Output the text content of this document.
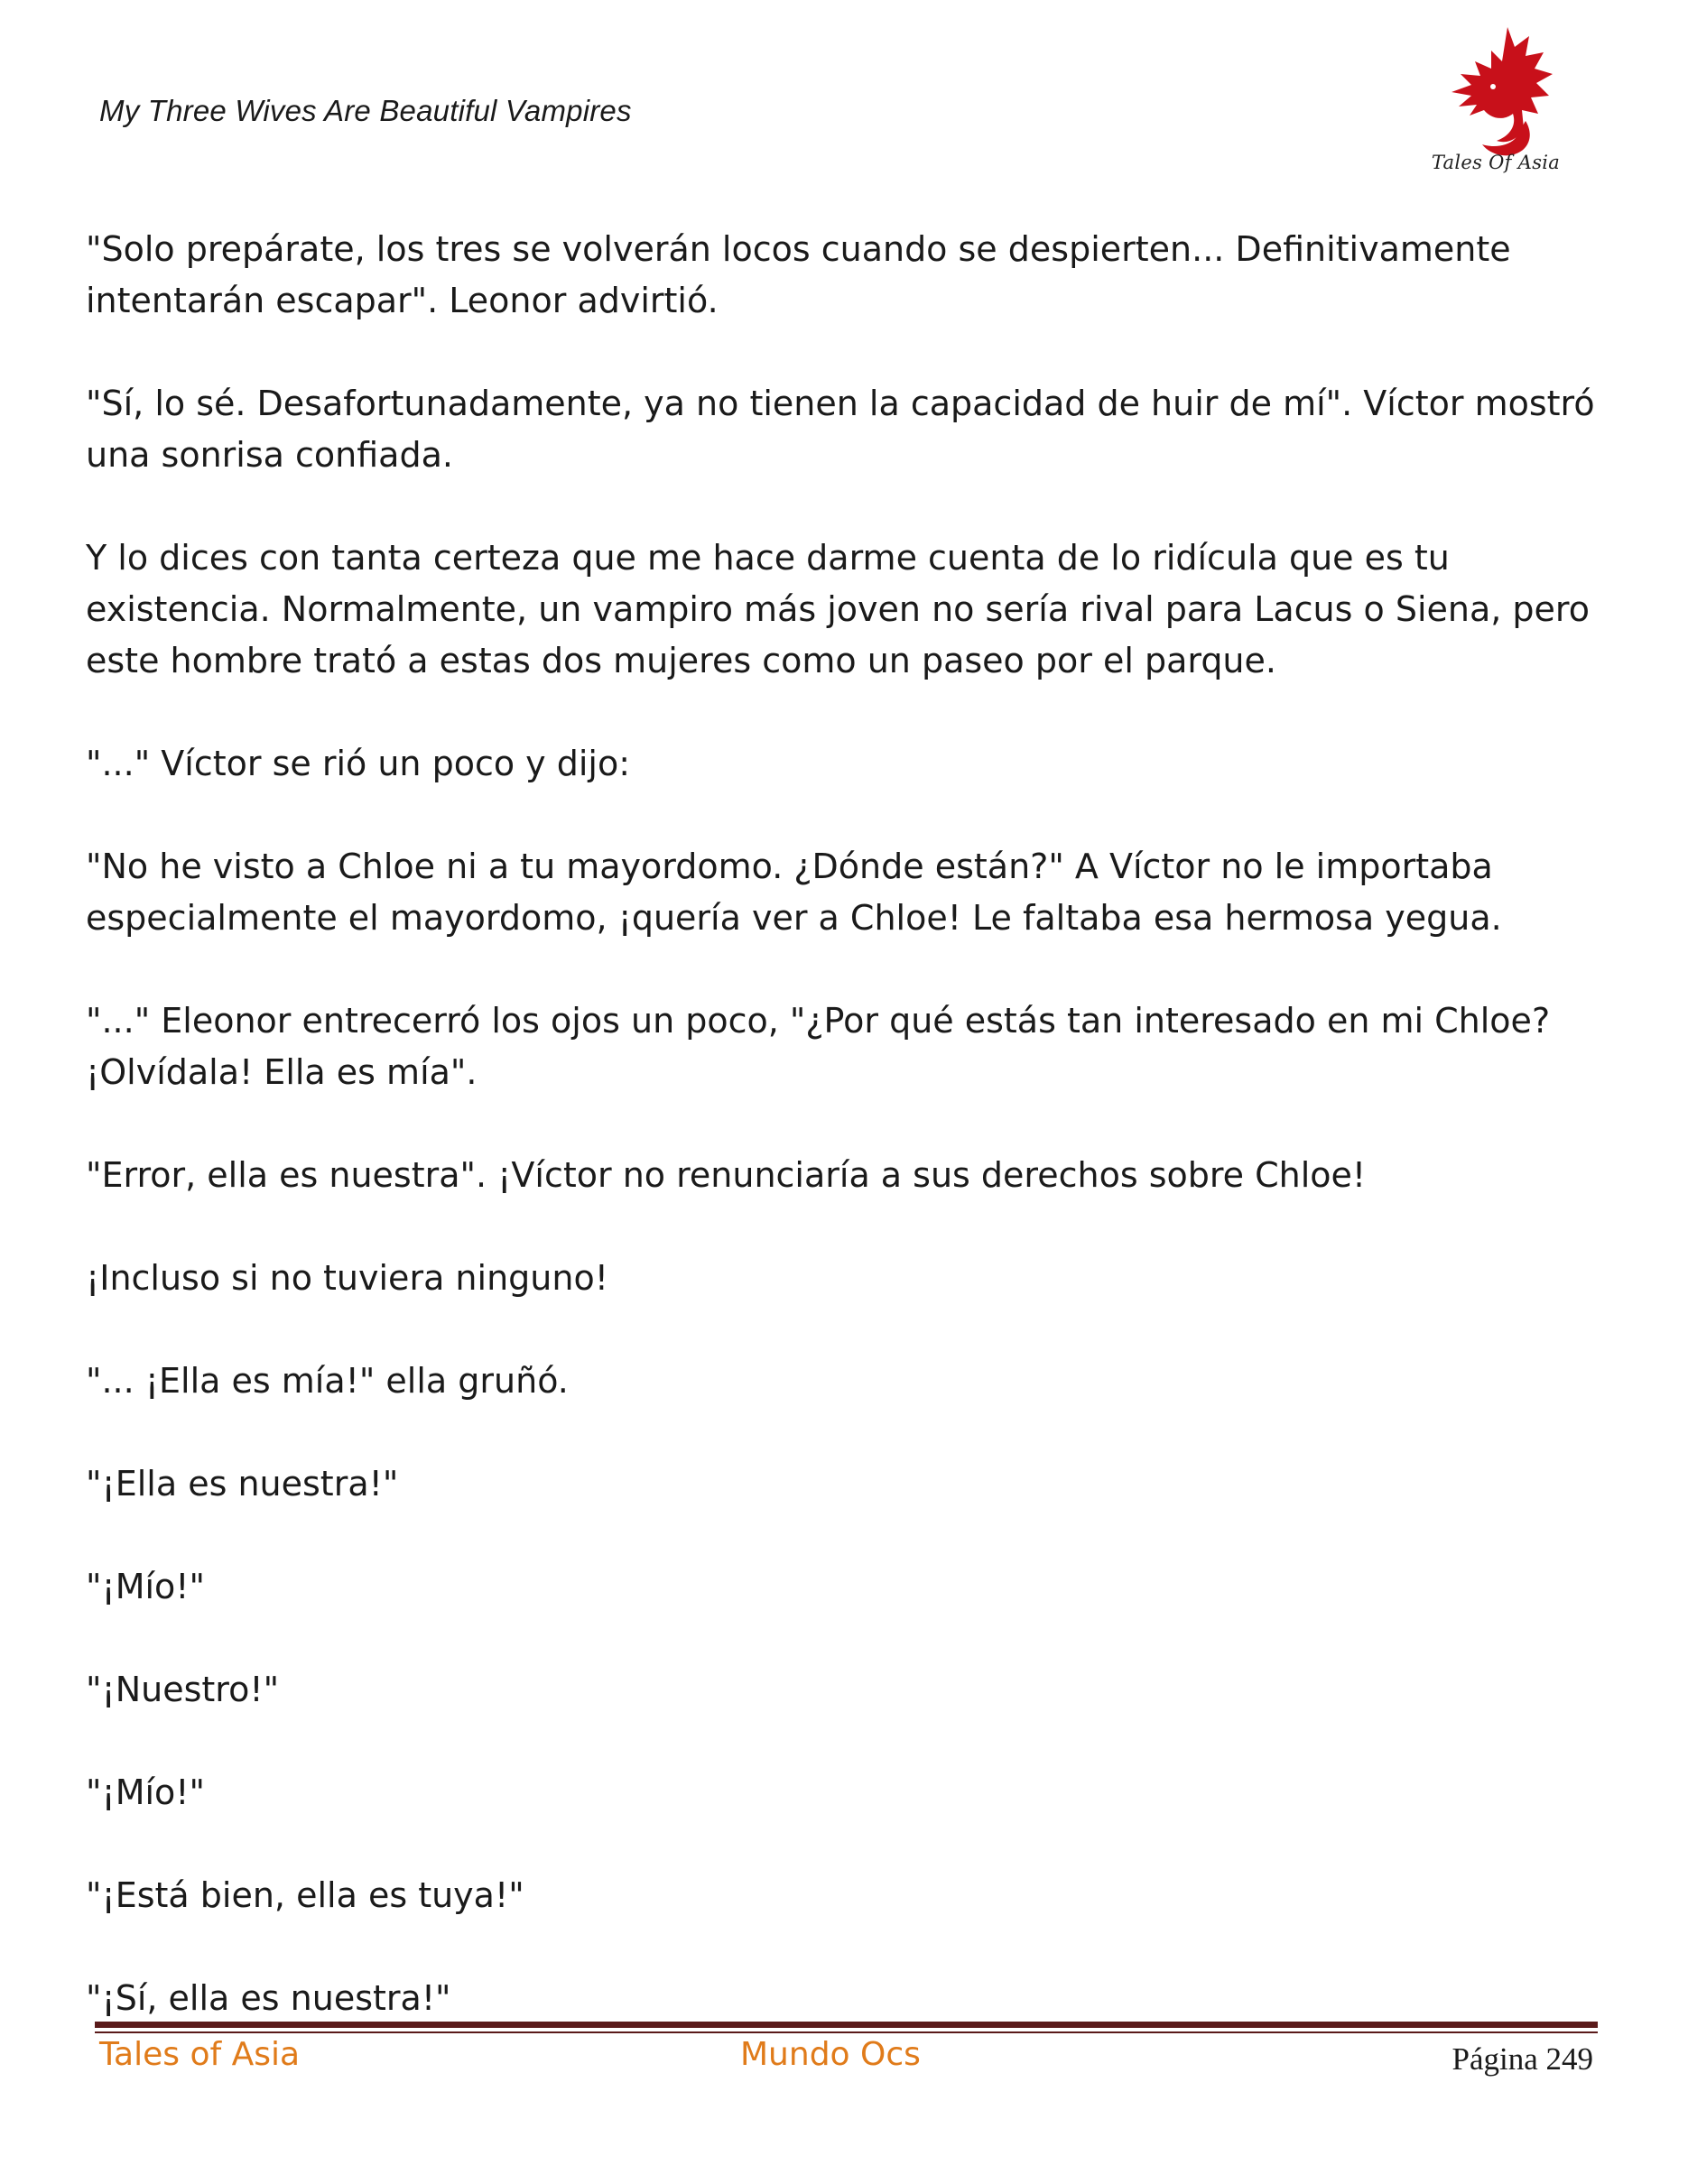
My Three Wives Are Beautiful Vampires
Tales Of Asia

"Solo prepárate, los tres se volverán locos cuando se despierten... Definitivamente intentarán escapar". Leonor advirtió.

"Sí, lo sé. Desafortunadamente, ya no tienen la capacidad de huir de mí". Víctor mostró una sonrisa confiada.

Y lo dices con tanta certeza que me hace darme cuenta de lo ridícula que es tu existencia. Normalmente, un vampiro más joven no sería rival para Lacus o Siena, pero este hombre trató a estas dos mujeres como un paseo por el parque.

"..." Víctor se rió un poco y dijo:

"No he visto a Chloe ni a tu mayordomo. ¿Dónde están?" A Víctor no le importaba especialmente el mayordomo, ¡quería ver a Chloe! Le faltaba esa hermosa yegua.

"..." Eleonor entrecerró los ojos un poco, "¿Por qué estás tan interesado en mi Chloe? ¡Olvídala! Ella es mía".

"Error, ella es nuestra". ¡Víctor no renunciaría a sus derechos sobre Chloe!

¡Incluso si no tuviera ninguno!

"... ¡Ella es mía!" ella gruñó.

"¡Ella es nuestra!"

"¡Mío!"

"¡Nuestro!"

"¡Mío!"

"¡Está bien, ella es tuya!"

"¡Sí, ella es nuestra!"

Tales of Asia	Mundo Ocs	Página 249
